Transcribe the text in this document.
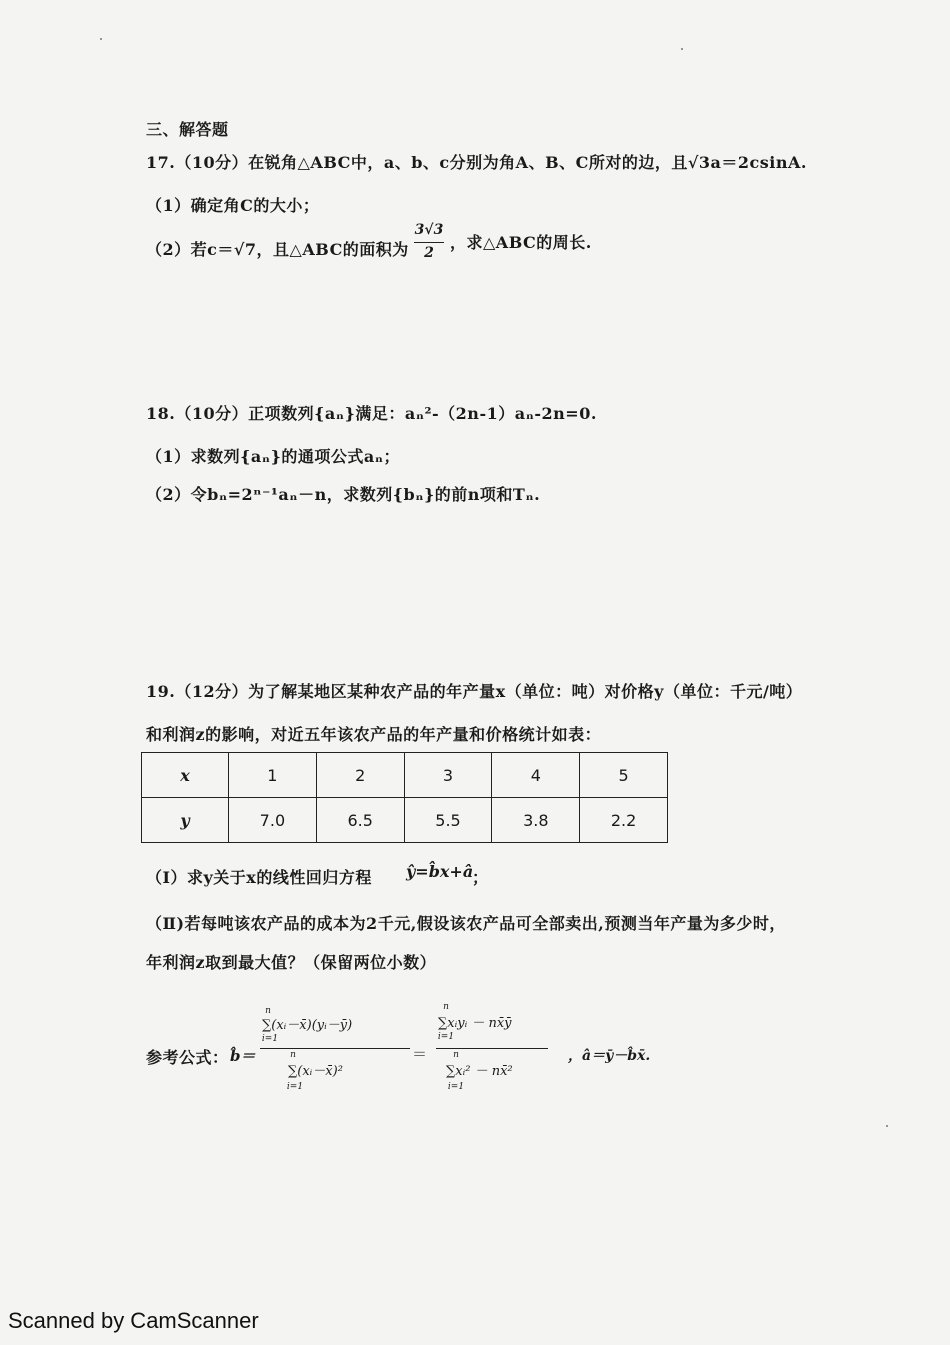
三、解答题
17.（10分）在锐角△ABC中，a、b、c分别为角A、B、C所对的边，且√3a＝2csinA.
（1）确定角C的大小；
（2）若c＝√7，且△ABC的面积为
3√3
2
，求△ABC的周长.
18.（10分）正项数列{aₙ}满足：aₙ²-（2n-1）aₙ-2n=0.
（1）求数列{aₙ}的通项公式aₙ；
（2）令bₙ=2ⁿ⁻¹aₙ－n，求数列{bₙ}的前n项和Tₙ.
19.（12分）为了解某地区某种农产品的年产量x（单位：吨）对价格y（单位：千元/吨）
和利润z的影响，对近五年该农产品的年产量和价格统计如表：
x	1	2	3	4	5
y	7.0	6.5	5.5	3.8	2.2
（Ⅰ）求y关于x的线性回归方程 ŷ=b̂x+â
；
（Ⅱ)若每吨该农产品的成本为2千元,假设该农产品可全部卖出,预测当年产量为多少时，
年利润z取到最大值？（保留两位小数）
参考公式： b̂＝
n
∑(xᵢ－x̄)(yᵢ－ȳ)
i=1
n
∑(xᵢ－x̄)²
i=1
＝
n
∑xᵢyᵢ － nx̄ȳ
i=1
n
∑xᵢ² － nx̄²
i=1
，â＝ȳ－b̂x̄.
Scanned by CamScanner
